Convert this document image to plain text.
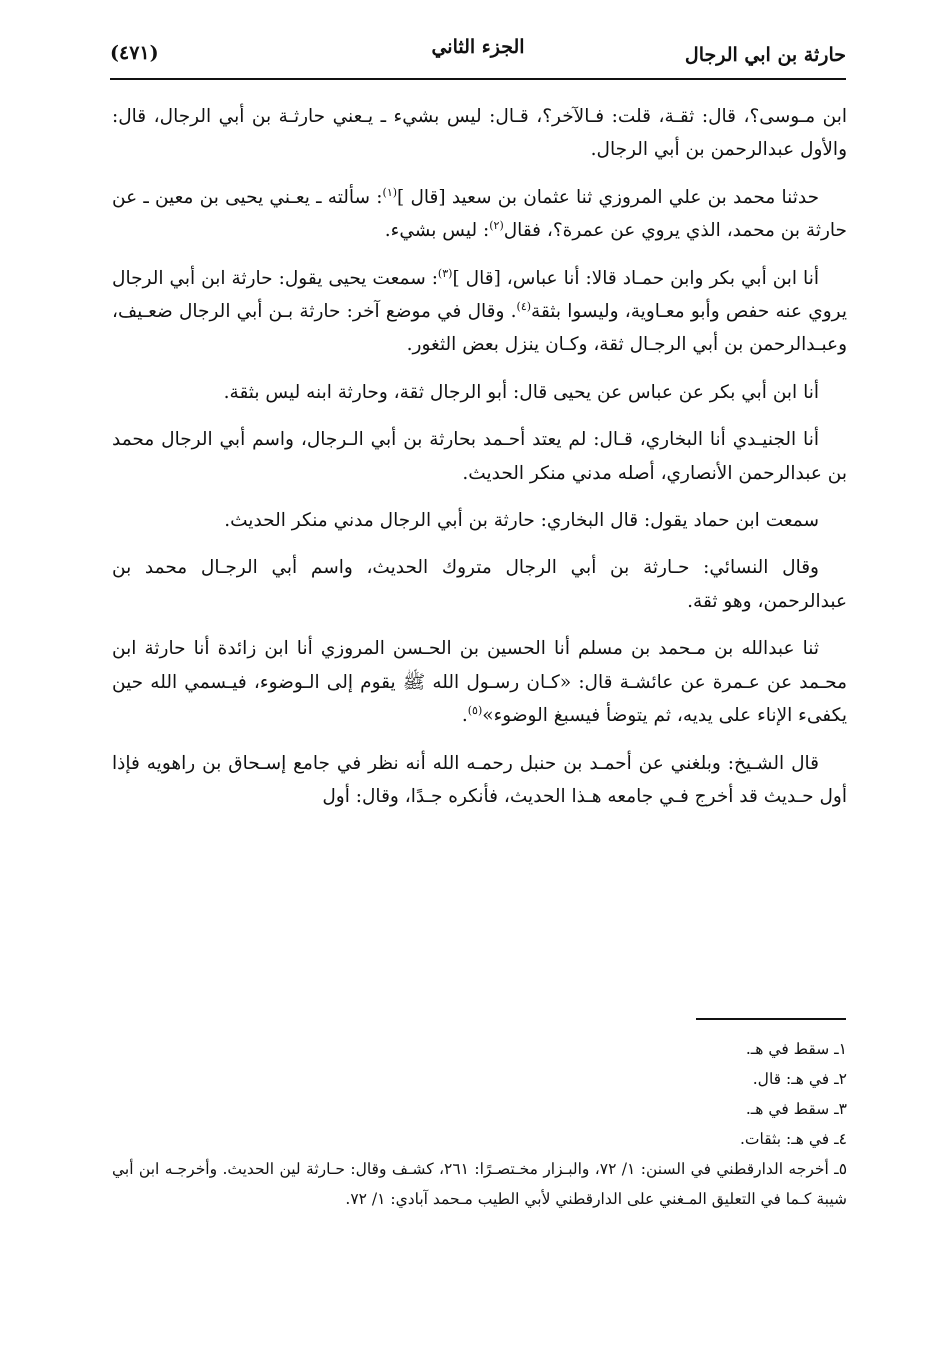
حارثة بن ابي الرجال
الجزء الثاني
(٤٧١)

ابن مـوسى؟، قال: ثقـة، قلت: فـالآخر؟، قـال: ليس بشيء ـ يـعني حارثـة بن أبي الرجال، قال: والأول عبدالرحمن بن أبي الرجال.

حدثنا محمد بن علي المروزي ثنا عثمان بن سعيد [قال ]$^{(١)}$: سألته ـ يعـني يحيى بن معين ـ عن حارثة بن محمد، الذي يروي عن عمرة؟، فقال$^{(٢)}$: ليس بشيء.

أنا ابن أبي بكر وابن حمـاد قالا: أنا عباس، [قال ]$^{(٣)}$: سمعت يحيى يقول: حارثة ابن أبي الرجال يروي عنه حفص وأبو معـاوية، وليسوا بثقة$^{(٤)}$. وقال في موضع آخر: حارثة بـن أبي الرجال ضعـيف، وعبـدالرحمن بن أبي الرجـال ثقة، وكـان ينزل بعض الثغور.

أنا ابن أبي بكر عن عباس عن يحيى قال: أبو الرجال ثقة، وحارثة ابنه ليس بثقة.

أنا الجنيـدي أنا البخاري، قـال: لم يعتد أحـمد بحارثة بن أبي الـرجال، واسم أبي الرجال محمد بن عبدالرحمن الأنصاري، أصله مدني منكر الحديث.

سمعت ابن حماد يقول: قال البخاري: حارثة بن أبي الرجال مدني منكر الحديث.

وقال النسائي: حـارثة بن أبي الرجال متروك الحديث، واسم أبي الرجـال محمد بن عبدالرحمن، وهو ثقة.

ثنا عبدالله بن مـحمد بن مسلم أنا الحسين بن الحـسن المروزي أنا ابن زائدة أنا حارثة ابن محـمد عن عـمرة عن عائشـة قال: «كـان رسـول الله ﷺ يقوم إلى الـوضوء، فيـسمي الله حين يكفىء الإناء على يديه، ثم يتوضأ فيسبغ الوضوء»$^{(٥)}$.

قال الشـيخ: وبلغني عن أحمـد بن حنبل رحمـه الله أنه نظر في جامع إسـحاق بن راهويه فإذا أول حـديث قد أخرج فـي جامعه هـذا الحديث، فأنكره جـدًا، وقال: أول

١ـ سقط في هـ.

٢ـ في هـ: قال.

٣ـ سقط في هـ.

٤ـ في هـ: بثقات.

٥ـ أخرجه الدارقطني في السنن: ١/ ٧٢، والبـزار مخـتصـرًا: ٢٦١، كشـف وقال: حـارثة لين الحديث. وأخرجـه ابن أبي شيبة كـما في التعليق المـغني على الدارقطني لأبي الطيب مـحمد آبادي: ١/ ٧٢.
